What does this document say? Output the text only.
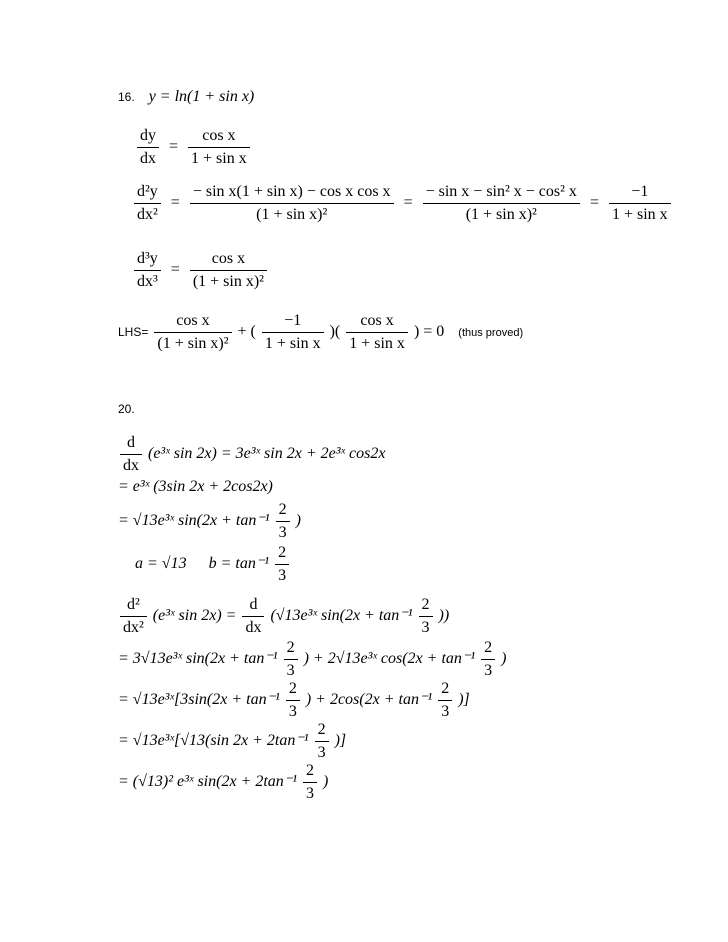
16. y = ln(1 + sin x)
$\frac{dy}{dx} = \frac{\text{cos x}}{\text{1 + sin x}}$
$\frac{\text{d²y}}{\text{dx²}} = \frac{\text{− sin x(1 + sin x) − cos x cos x}}{\text{(1 + sin x)²}} = \frac{\text{− sin x − sin² x − cos² x}}{\text{(1 + sin x)²}} = \frac{-1}{\text{1 + sin x}}$
$\frac{\text{d³y}}{\text{dx³}} = \frac{\text{cos x}}{\text{(1 + sin x)²}}$
$LHS= \frac{\text{cos x}}{\text{(1 + sin x)²}}$ + ( $\frac{-1}{\text{1 + sin x}}$ )( $\frac{\text{cos x}}{\text{1 + sin x}}$ ) = 0 (thus proved)
20.
$\frac{d}{dx}$ (e³ˣ sin 2x) = 3e³ˣ sin 2x + 2e³ˣ cos2x
= e³ˣ (3sin 2x + 2cos2x)
= √13e³ˣ $\sin(2x + \tan^{-1} \frac{2}{3}$ )
a = √13 $b = \tan^{-1} \frac{2}{3}$
$\frac{\text{d²}}{\text{dx²}}$ (e³ˣ $\sin 2x) = \frac{d}{dx}$ (√13e³ˣ $\sin(2x + \tan^{-1} \frac{2}{3}$ ))
= 3√13e³ˣ $\sin(2x + \tan^{-1} \frac{2}{3}$ ) + 2√13e³ˣ $\cos(2x + \tan^{-1} \frac{2}{3}$ )
= √13e³ˣ[3sin(2x + $\tan^{-1} \frac{2}{3}$ ) + $2\cos(2x + \tan^{-1} \frac{2}{3}$ )]
= √13e³ˣ[√13(sin $2x + 2\tan^{-1} \frac{2}{3}$ )]
= (√13)² e³ˣ $\sin(2x + 2\tan^{-1} \frac{2}{3}$ )
